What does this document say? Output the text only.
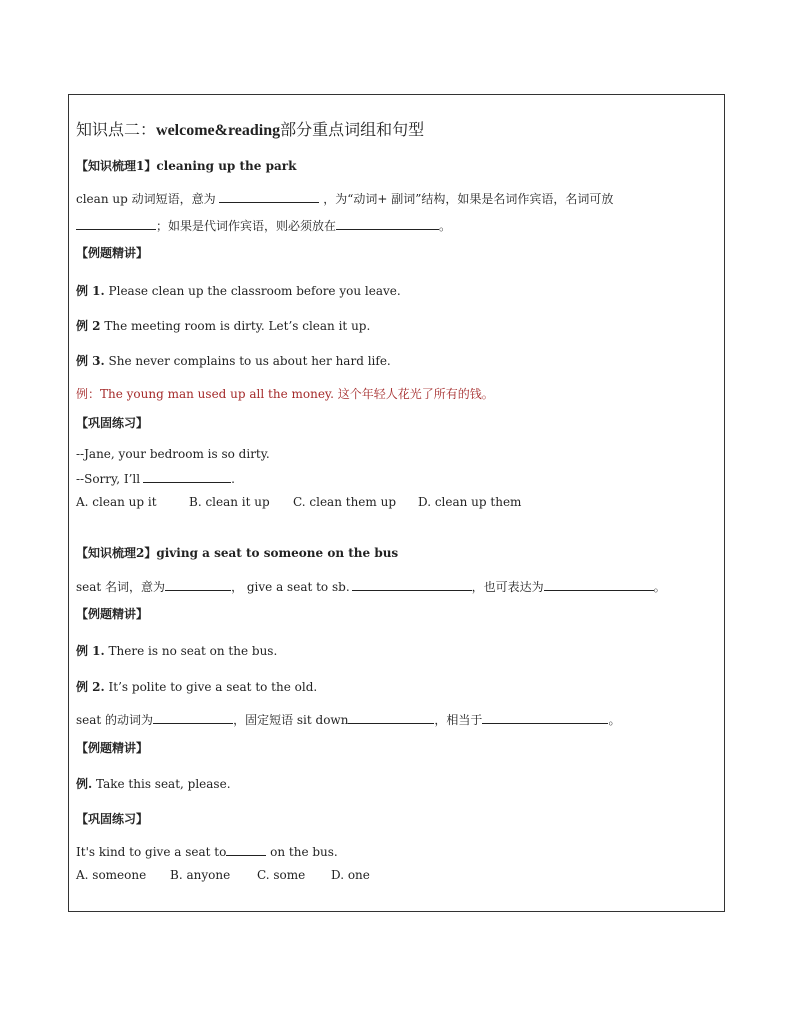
知识点二：welcome&reading部分重点词组和句型
【知识梳理1】cleaning up the park
clean up 动词短语，意为	，为“动词+ 副词”结构，如果是名词作宾语，名词可放
；如果是代词作宾语，则必须放在	。
【例题精讲】
例 1. Please clean up the classroom before you leave.
例 2 The meeting room is dirty. Let’s clean it up.
例 3. She never complains to us about her hard life.
例：The young man used up all the money. 这个年轻人花光了所有的钱。
【巩固练习】
--Jane, your bedroom is so dirty.
--Sorry, I’ll	.
A. clean up it	B. clean it up C. clean them up D. clean up them
【知识梳理2】giving a seat to someone on the bus
seat 名词，意为	， give a seat to sb.	，也可表达为	。
【例题精讲】
例 1. There is no seat on the bus.
例 2. It’s polite to give a seat to the old.
seat 的动词为	，固定短语 sit down	，相当于	。
【例题精讲】
例. Take this seat, please.
【巩固练习】
It's kind to give a seat to	on the bus.
A. someone B. anyone C. some D. one
